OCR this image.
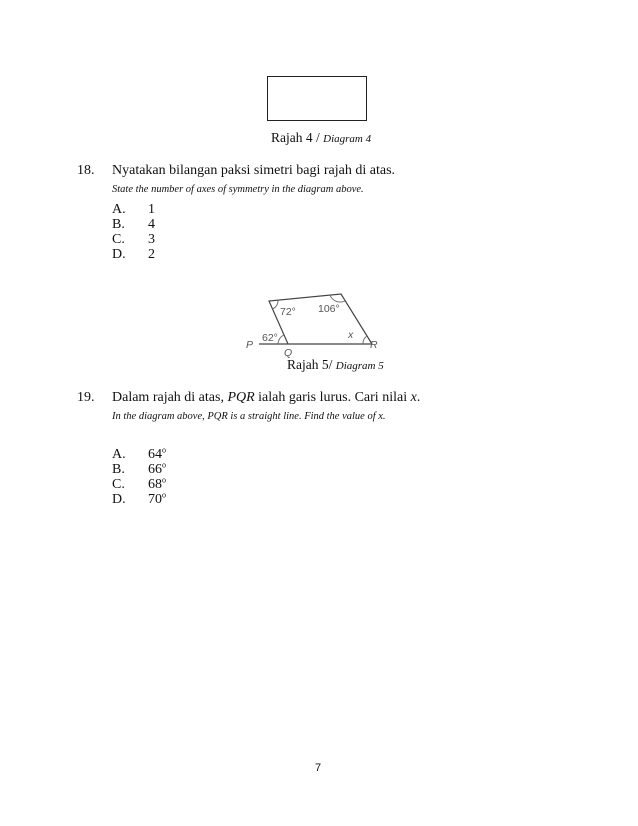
Rajah 4 / Diagram 4
18. Nyatakan bilangan paksi simetri bagi rajah di atas.
State the number of axes of symmetry in the diagram above.
A. 1
B. 4
C. 3
D. 2
72° 106°
62°	x
P
Q
R
Rajah 5/ Diagram 5
19. Dalam rajah di atas, PQR ialah garis lurus. Cari nilai x.
In the diagram above, PQR is a straight line. Find the value of x.
A. 64$^o$
B. 66$^o$
C. 68$^o$
D. 70$^o$
7
